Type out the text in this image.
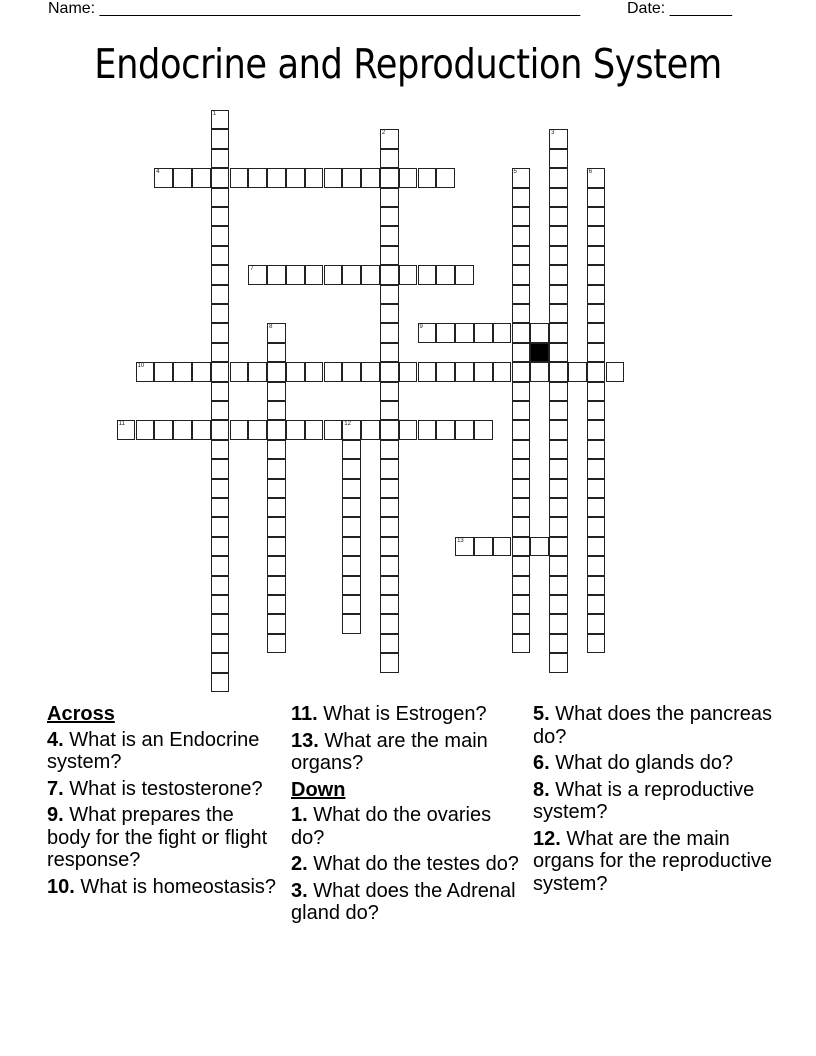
Name: ______________________________________________________	Date: _______
Endocrine and Reproduction System
1
2	3
4	5	6
7
8	9
10
11	12
13
Across
4. What is an Endocrine system?
7. What is testosterone?
9. What prepares the body for the fight or flight response?
10. What is homeostasis?
11. What is Estrogen?
13. What are the main organs?
Down
1. What do the ovaries do?
2. What do the testes do?
3. What does the Adrenal gland do?
5. What does the pancreas do?
6. What do glands do?
8. What is a reproductive system?
12. What are the main organs for the reproductive system?
